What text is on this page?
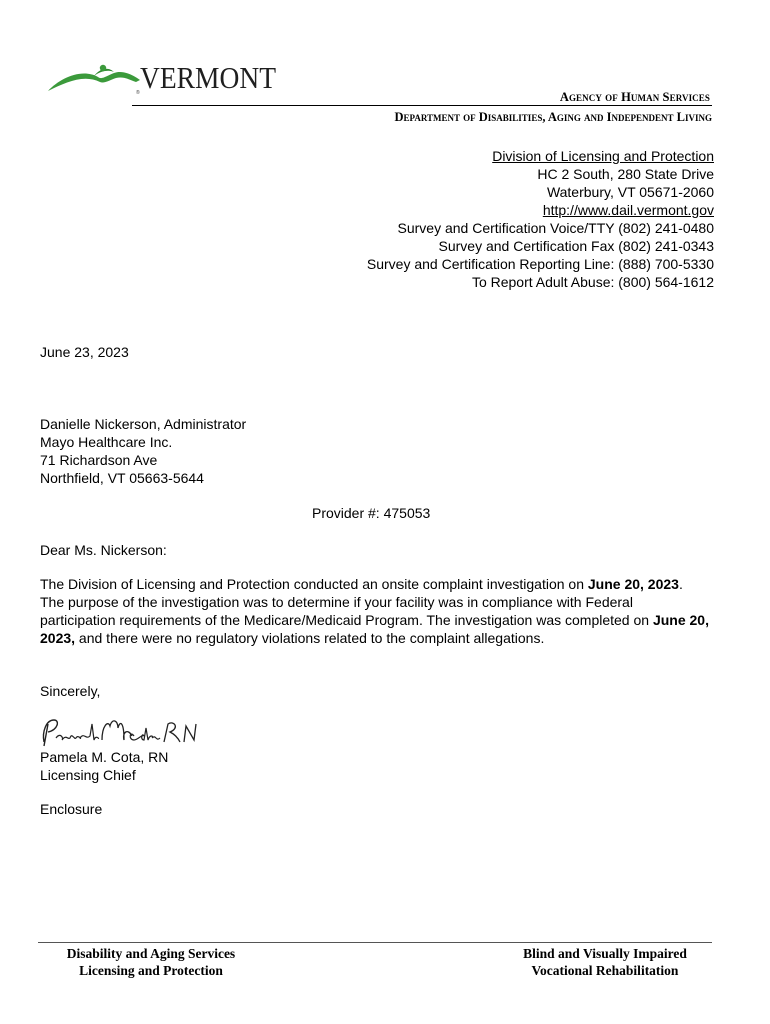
VERMONT
®	Agency of Human Services
Department of Disabilities, Aging and Independent Living
Division of Licensing and Protection
HC 2 South, 280 State Drive
Waterbury, VT 05671-2060
http://www.dail.vermont.gov
Survey and Certification Voice/TTY (802) 241-0480
Survey and Certification Fax (802) 241-0343
Survey and Certification Reporting Line: (888) 700-5330
To Report Adult Abuse: (800) 564-1612
June 23, 2023
Danielle Nickerson, Administrator
Mayo Healthcare Inc.
71 Richardson Ave
Northfield, VT 05663-5644
Provider #: 475053
Dear Ms. Nickerson:
The Division of Licensing and Protection conducted an onsite complaint investigation on June 20, 2023. The purpose of the investigation was to determine if your facility was in compliance with Federal participation requirements of the Medicare/Medicaid Program. The investigation was completed on June 20, 2023, and there were no regulatory violations related to the complaint allegations.
Sincerely,
Pamela M. Cota, RN
Licensing Chief
Enclosure
Disability and Aging Services
Licensing and Protection
Blind and Visually Impaired
Vocational Rehabilitation
